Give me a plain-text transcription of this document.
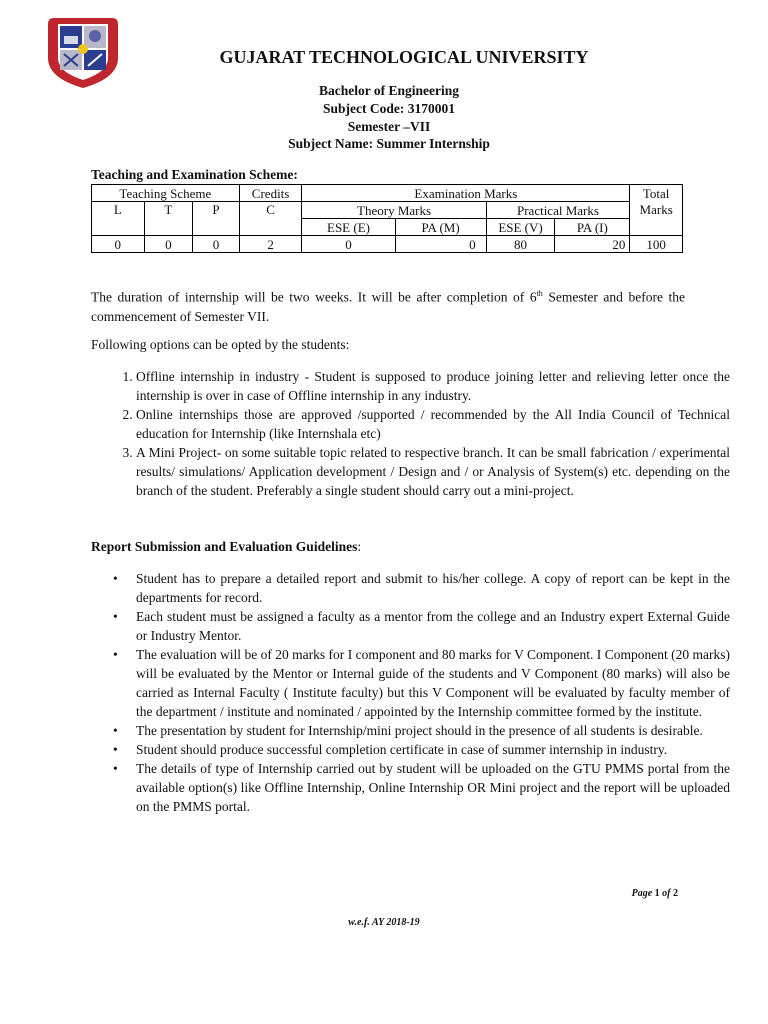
GUJARAT TECHNOLOGICAL UNIVERSITY
Bachelor of Engineering
Subject Code: 3170001
Semester –VII
Subject Name: Summer Internship
Teaching and Examination Scheme:
Teaching Scheme			Credits	Examination Marks				Total
L	T	P	C	Theory Marks		Practical Marks		Marks
				ESE (E)	PA (M)	ESE (V)	PA (I)	
0	0	0	2	0	0	80	20	100
The duration of internship will be two weeks. It will be after completion of 6th Semester and before the commencement of Semester VII.
Following options can be opted by the students:
1. Offline internship in industry - Student is supposed to produce joining letter and relieving letter once the internship is over in case of Offline internship in any industry.
2. Online internships those are approved /supported / recommended by the All India Council of Technical education for Internship (like Internshala etc)
3. A Mini Project- on some suitable topic related to respective branch. It can be small fabrication / experimental results/ simulations/ Application development / Design and / or Analysis of System(s) etc. depending on the branch of the student. Preferably a single student should carry out a mini-project.
Report Submission and Evaluation Guidelines:
• Student has to prepare a detailed report and submit to his/her college. A copy of report can be kept in the departments for record.
• Each student must be assigned a faculty as a mentor from the college and an Industry expert External Guide or Industry Mentor.
• The evaluation will be of 20 marks for I component and 80 marks for V Component. I Component (20 marks) will be evaluated by the Mentor or Internal guide of the students and V Component (80 marks) will also be carried as Internal Faculty ( Institute faculty) but this V Component will be evaluated by faculty member of the department / institute and nominated / appointed by the Internship committee formed by the institute.
• The presentation by student for Internship/mini project should in the presence of all students is desirable.
• Student should produce successful completion certificate in case of summer internship in industry.
• The details of type of Internship carried out by student will be uploaded on the GTU PMMS portal from the available option(s) like Offline Internship, Online Internship OR Mini project and the report will be uploaded on the PMMS portal.
Page 1 of 2
w.e.f. AY 2018-19
